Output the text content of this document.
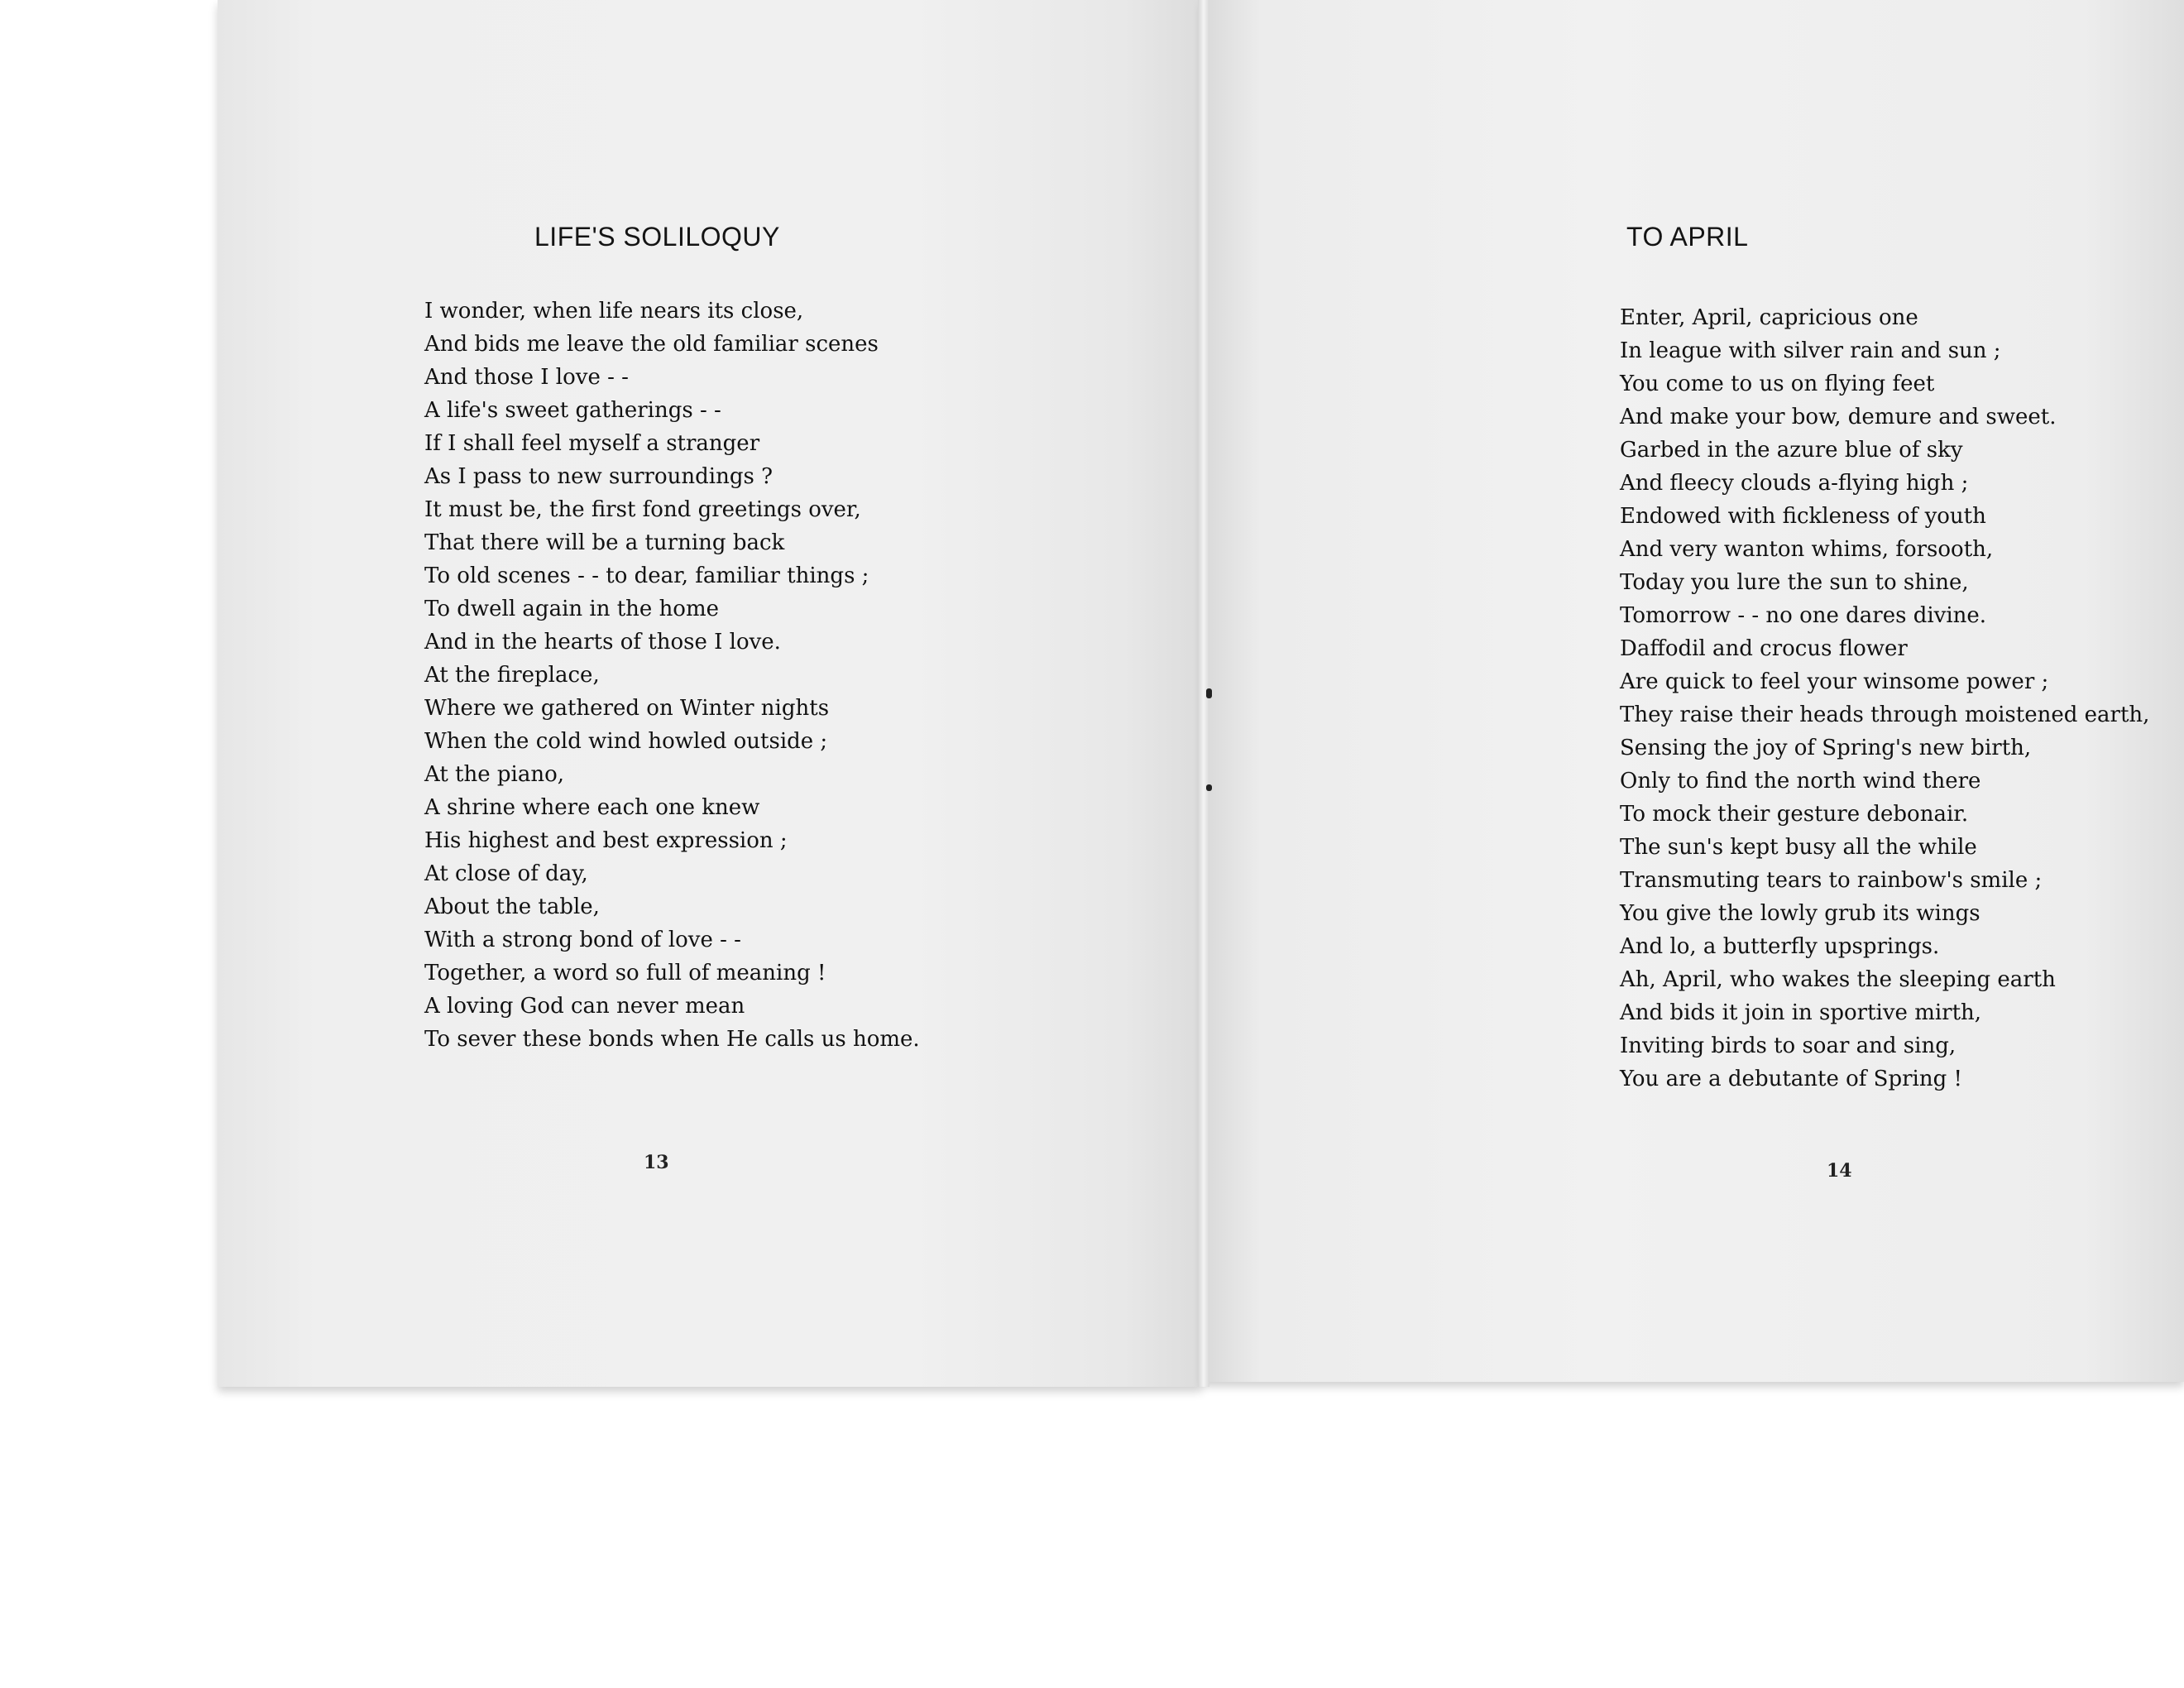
LIFE'S SOLILOQUY
I wonder, when life nears its close,
And bids me leave the old familiar scenes
And those I love - -
A life's sweet gatherings - -
If I shall feel myself a stranger
As I pass to new surroundings ?
It must be, the first fond greetings over,
That there will be a turning back
To old scenes - - to dear, familiar things ;
To dwell again in the home
And in the hearts of those I love.
At the fireplace,
Where we gathered on Winter nights
When the cold wind howled outside ;
At the piano,
A shrine where each one knew
His highest and best expression ;
At close of day,
About the table,
With a strong bond of love - -
Together, a word so full of meaning !
A loving God can never mean
To sever these bonds when He calls us home.
13
TO APRIL
Enter, April, capricious one
In league with silver rain and sun ;
You come to us on flying feet
And make your bow, demure and sweet.
Garbed in the azure blue of sky
And fleecy clouds a-flying high ;
Endowed with fickleness of youth
And very wanton whims, forsooth,
Today you lure the sun to shine,
Tomorrow - - no one dares divine.
Daffodil and crocus flower
Are quick to feel your winsome power ;
They raise their heads through moistened earth,
Sensing the joy of Spring's new birth,
Only to find the north wind there
To mock their gesture debonair.
The sun's kept busy all the while
Transmuting tears to rainbow's smile ;
You give the lowly grub its wings
And lo, a butterfly upsprings.
Ah, April, who wakes the sleeping earth
And bids it join in sportive mirth,
Inviting birds to soar and sing,
You are a debutante of Spring !
14
